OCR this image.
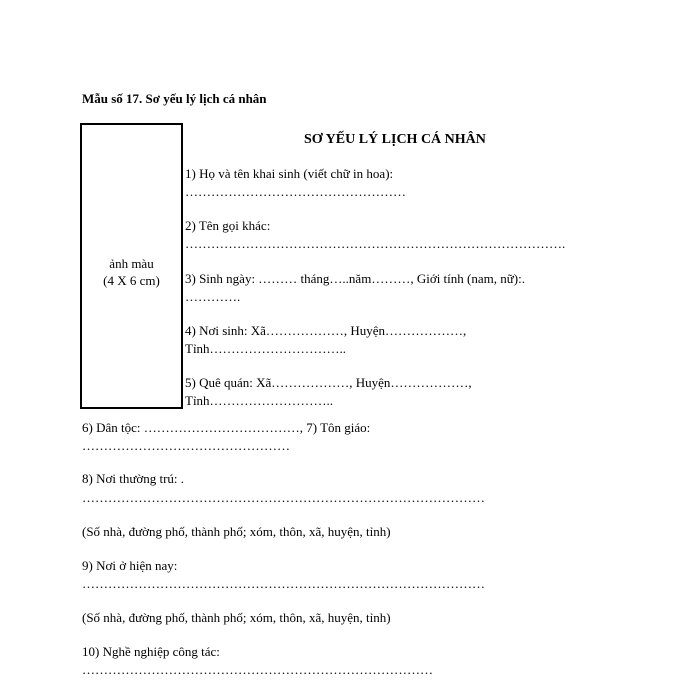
Mẫu số 17. Sơ yếu lý lịch cá nhân
ảnh màu
(4 X 6 cm)
SƠ YẾU LÝ LỊCH CÁ NHÂN
1) Họ và tên khai sinh (viết chữ in hoa):
……………………………………………
2) Tên gọi khác:
…………………………………………………………………………….
3) Sinh ngày: ……… tháng…..năm………, Giới tính (nam, nữ):.
………….
4) Nơi sinh: Xã………………, Huyện………………,
Tỉnh…………………………..
5) Quê quán: Xã………………, Huyện………………,
Tỉnh………………………..
6) Dân tộc: ………………………………, 7) Tôn giáo:
…………………………………………
8) Nơi thường trú: .
…………………………………………………………………………………
(Số nhà, đường phố, thành phố; xóm, thôn, xã, huyện, tỉnh)
9) Nơi ở hiện nay:
…………………………………………………………………………………
(Số nhà, đường phố, thành phố; xóm, thôn, xã, huyện, tỉnh)
10) Nghề nghiệp công tác:
………………………………………………………………………
